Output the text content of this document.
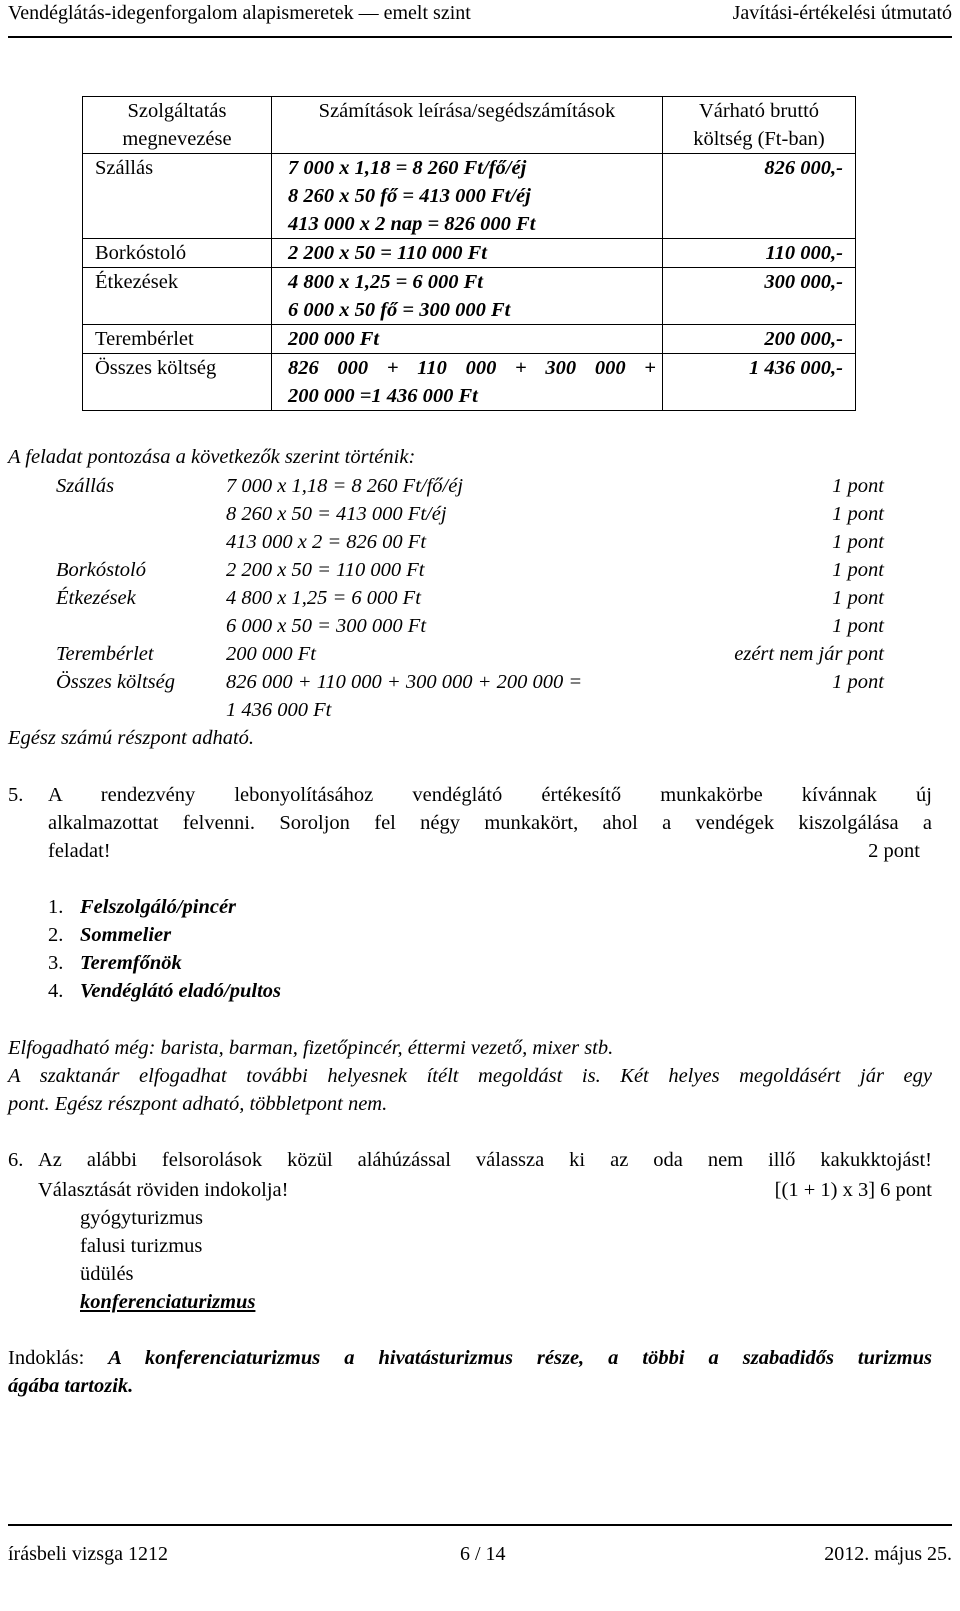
Vendéglátás-idegenforgalom alapismeretek — emelt szint	Javítási-értékelési útmutató
Szolgáltatás
megnevezése	Számítások leírása/segédszámítások	Várható bruttó
költség (Ft-ban)
Szállás	7 000 x 1,18 = 8 260 Ft/fő/éj
8 260 x 50 fő = 413 000 Ft/éj
413 000 x 2 nap = 826 000 Ft	826 000,-
Borkóstoló	2 200 x 50 = 110 000 Ft	110 000,-
Étkezések	4 800 x 1,25 = 6 000 Ft
6 000 x 50 fő = 300 000 Ft	300 000,-
Terembérlet	200 000 Ft	200 000,-
Összes költség	826 000 + 110 000 + 300 000 +
200 000 =1 436 000 Ft	1 436 000,-
A feladat pontozása a következők szerint történik:
Szállás	7 000 x 1,18 = 8 260 Ft/fő/éj	1 pont
8 260 x 50 = 413 000 Ft/éj	1 pont
413 000 x 2 = 826 00 Ft	1 pont
Borkóstoló	2 200 x 50 = 110 000 Ft	1 pont
Étkezések	4 800 x 1,25 = 6 000 Ft	1 pont
6 000 x 50 = 300 000 Ft	1 pont
Terembérlet	200 000 Ft	ezért nem jár pont
Összes költség 826 000 + 110 000 + 300 000 + 200 000 =	1 pont
1 436 000 Ft
Egész számú részpont adható.
5. A rendezvény lebonyolításához vendéglátó értékesítő munkakörbe kívánnak új
alkalmazottat felvenni. Soroljon fel négy munkakört, ahol a vendégek kiszolgálása a
feladat!	2 pont
1. Felszolgáló/pincér
2. Sommelier
3. Teremfőnök
4. Vendéglátó eladó/pultos
Elfogadható még: barista, barman, fizetőpincér, éttermi vezető, mixer stb.
A szaktanár elfogadhat további helyesnek ítélt megoldást is. Két helyes megoldásért jár egy
pont. Egész részpont adható, többletpont nem.
6. Az alábbi felsorolások közül aláhúzással válassza ki az oda nem illő kakukktojást!
Választását röviden indokolja!	[(1 + 1) x 3] 6 pont
gyógyturizmus
falusi turizmus
üdülés
konferenciaturizmus
Indoklás: A konferenciaturizmus a hivatásturizmus része, a többi a szabadidős turizmus
ágába tartozik.
írásbeli vizsga 1212	6 / 14	2012. május 25.
